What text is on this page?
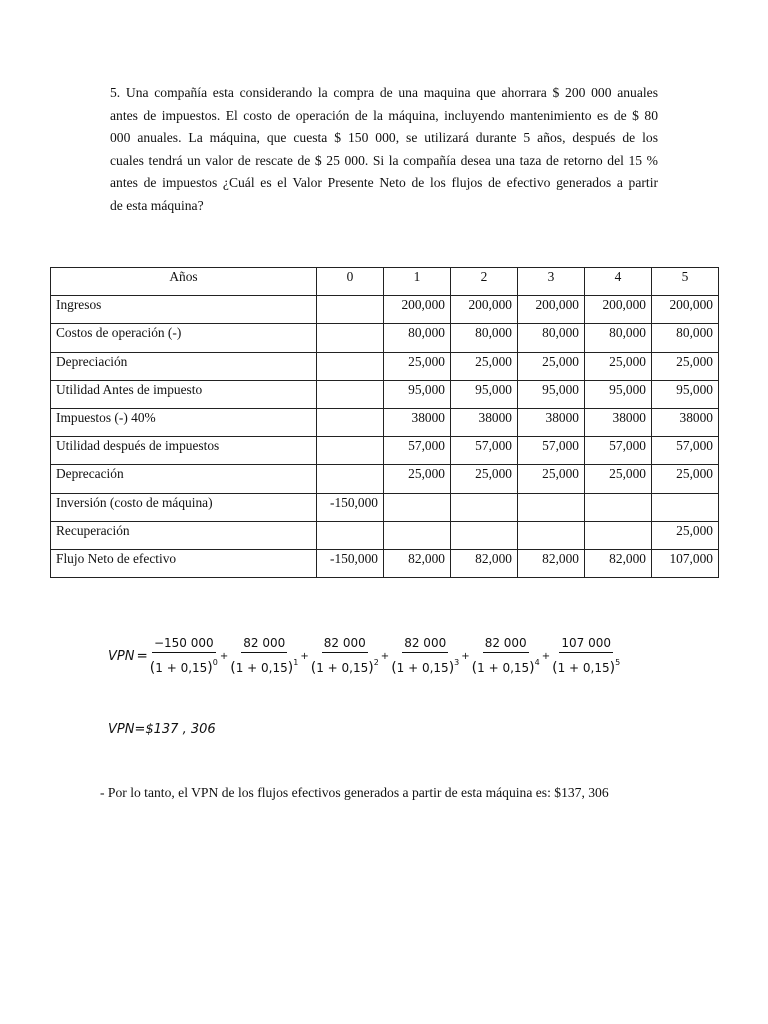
5. Una compañía esta considerando la compra de una maquina que ahorrara $ 200 000 anuales
antes de impuestos. El costo de operación de la máquina, incluyendo mantenimiento es de $ 80
000 anuales. La máquina, que cuesta $ 150 000, se utilizará durante 5 años, después de los
cuales tendrá un valor de rescate de $ 25 000. Si la compañía desea una taza de retorno del 15 %
antes de impuestos ¿Cuál es el Valor Presente Neto de los flujos de efectivo generados a partir
de esta máquina?
Años	0	1	2	3	4	5
Ingresos		200,000	200,000	200,000	200,000	200,000
Costos de operación (-)		80,000	80,000	80,000	80,000	80,000
Depreciación		25,000	25,000	25,000	25,000	25,000
Utilidad Antes de impuesto		95,000	95,000	95,000	95,000	95,000
Impuestos (-) 40%		38000	38000	38000	38000	38000
Utilidad después de impuestos		57,000	57,000	57,000	57,000	57,000
Deprecación		25,000	25,000	25,000	25,000	25,000
Inversión (costo de máquina)	-150,000					
Recuperación						25,000
Flujo Neto de efectivo	-150,000	82,000	82,000	82,000	82,000	107,000
VPN = $\frac{-150 000}{(1 + 0,15)^0} + \frac{82 000}{(1 + 0,15)^1} + \frac{82 000}{(1 + 0,15)^2} + \frac{82 000}{(1 + 0,15)^3} + \frac{82 000}{(1 + 0,15)^4} + \frac{107 000}{(1 + 0,15)^5}$
VPN=$137 , 306
- Por lo tanto, el VPN de los flujos efectivos generados a partir de esta máquina es: $137, 306
